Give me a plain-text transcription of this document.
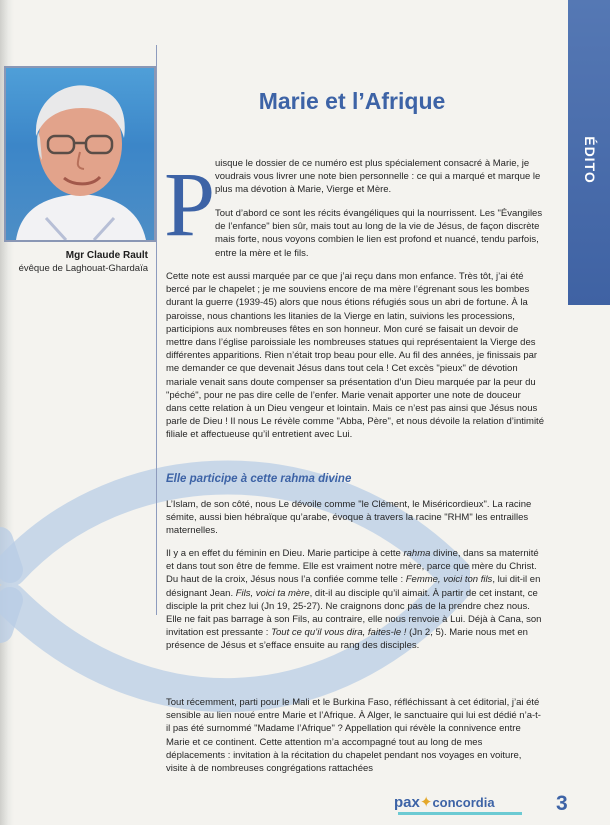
Mgr Claude Rault
évêque de Laghouat-Ghardaïa
ÉDITO
Marie et l’Afrique
P uisque le dossier de ce numéro est plus spécialement consacré à Marie, je voudrais vous livrer une note bien personnelle : ce qui a marqué et marque le plus ma dévotion à Marie, Vierge et Mère.

Tout d’abord ce sont les récits évangéliques qui la nourrissent. Les "Évangiles de l’enfance" bien sûr, mais tout au long de la vie de Jésus, de façon discrète mais forte, nous voyons combien le lien est profond et nuancé, tendu parfois, entre la mère et le fils.

Cette note est aussi marquée par ce que j’ai reçu dans mon enfance. Très tôt, j’ai été bercé par le chapelet ; je me souviens encore de ma mère l’égrenant sous les bombes durant la guerre (1939-45) alors que nous étions réfugiés sous un abri de fortune. À la paroisse, nous chantions les litanies de la Vierge en latin, suivions les processions, participions aux nombreuses fêtes en son honneur. Mon curé se faisait un devoir de mettre dans l’église paroissiale les nombreuses statues qui représentaient la Vierge des différentes apparitions. Rien n’était trop beau pour elle. Au fil des années, je finissais par me demander ce que devenait Jésus dans tout cela ! Cet excès "pieux" de dévotion mariale venait sans doute compenser sa présentation d’un Dieu marquée par la peur du "péché", pour ne pas dire celle de l’enfer. Marie venait apporter une note de douceur dans cette relation à un Dieu vengeur et lointain. Mais ce n’est pas ainsi que Jésus nous parle de Dieu ! Il nous Le révèle comme "Abba, Père", et nous dévoile la relation d’intimité filiale et affectueuse qu’il entretient avec Lui.

Elle participe à cette rahma divine

L’Islam, de son côté, nous Le dévoile comme "le Clément, le Miséricordieux". La racine sémite, aussi bien hébraïque qu’arabe, évoque à travers la racine "RHM" les entrailles maternelles.

Il y a en effet du féminin en Dieu. Marie participe à cette rahma divine, dans sa maternité et dans tout son être de femme. Elle est vraiment notre mère, parce que mère du Christ. Du haut de la croix, Jésus nous l’a confiée comme telle : Femme, voici ton fils, lui dit-il en désignant Jean. Fils, voici ta mère, dit-il au disciple qu’il aimait. À partir de cet instant, ce disciple la prit chez lui (Jn 19, 25-27). Ne craignons donc pas de la prendre chez nous. Elle ne fait pas barrage à son Fils, au contraire, elle nous renvoie à Lui. Déjà à Cana, son invitation est pressante : Tout ce qu’il vous dira, faites-le ! (Jn 2, 5). Marie nous met en présence de Jésus et s’efface ensuite au rang des disciples.

Tout récemment, parti pour le Mali et le Burkina Faso, réfléchissant à cet éditorial, j’ai été sensible au lien noué entre Marie et l’Afrique. À Alger, le sanctuaire qui lui est dédié n’a-t-il pas été surnommé "Madame l’Afrique" ? Appellation qui révèle la connivence entre Marie et ce continent. Cette attention m’a accompagné tout au long de mes déplacements : invitation à la récitation du chapelet pendant nos voyages en voiture, visite à de nombreuses congrégations rattachées

pax✦concordia	3
